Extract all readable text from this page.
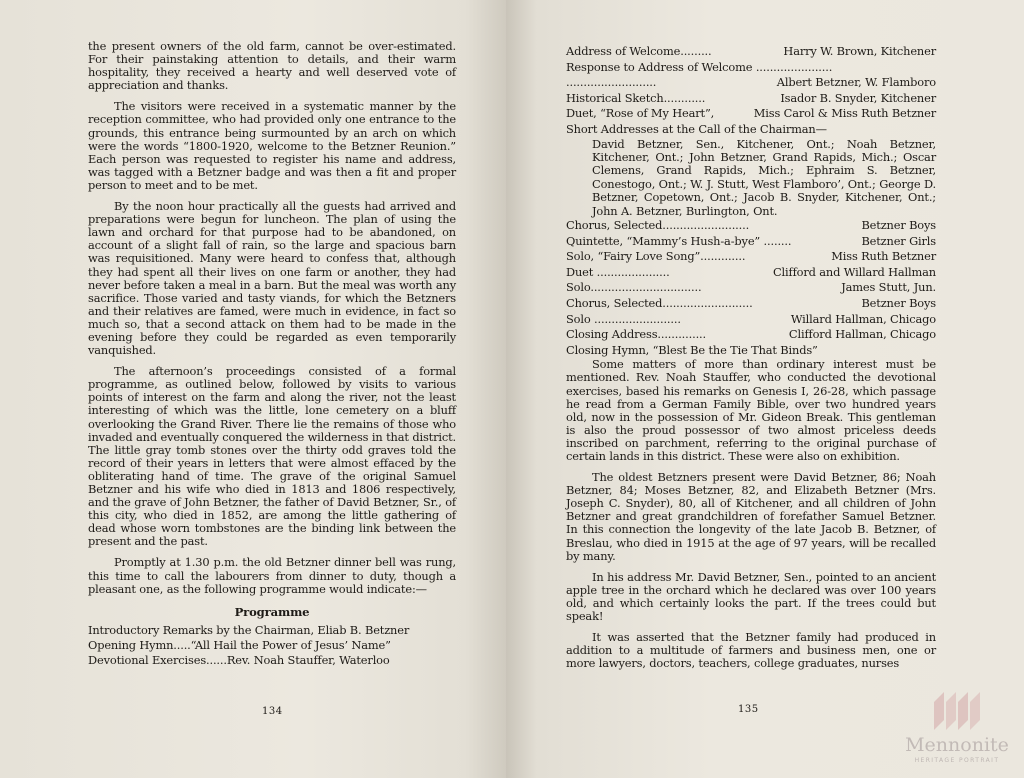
the present owners of the old farm, cannot be over-estimated. For their painstaking attention to details, and their warm hospitality, they received a hearty and well deserved vote of appreciation and thanks.

The visitors were received in a systematic manner by the reception committee, who had provided only one entrance to the grounds, this entrance being surmounted by an arch on which were the words “1800-1920, welcome to the Betzner Reunion.” Each person was requested to register his name and address, was tagged with a Betzner badge and was then a fit and proper person to meet and to be met.

By the noon hour practically all the guests had arrived and preparations were begun for luncheon. The plan of using the lawn and orchard for that purpose had to be abandoned, on account of a slight fall of rain, so the large and spacious barn was requisitioned. Many were heard to confess that, although they had spent all their lives on one farm or another, they had never before taken a meal in a barn. But the meal was worth any sacrifice. Those varied and tasty viands, for which the Betzners and their relatives are famed, were much in evidence, in fact so much so, that a second attack on them had to be made in the evening before they could be regarded as even temporarily vanquished.

The afternoon’s proceedings consisted of a formal programme, as outlined below, followed by visits to various points of interest on the farm and along the river, not the least interesting of which was the little, lone cemetery on a bluff overlooking the Grand River. There lie the remains of those who invaded and eventually conquered the wilderness in that district. The little gray tomb stones over the thirty odd graves told the record of their years in letters that were almost effaced by the obliterating hand of time. The grave of the original Samuel Betzner and his wife who died in 1813 and 1806 respectively, and the grave of John Betzner, the father of David Betzner, Sr., of this city, who died in 1852, are among the little gathering of dead whose worn tombstones are the binding link between the present and the past.

Promptly at 1.30 p.m. the old Betzner dinner bell was rung, this time to call the labourers from dinner to duty, though a pleasant one, as the following programme would indicate:—

Programme
Introductory Remarks by the Chairman, Eliab B. Betzner
Opening Hymn.....“All Hail the Power of Jesus’ Name”
Devotional Exercises......Rev. Noah Stauffer, Waterloo
134
Address of Welcome.........	Harry W. Brown, Kitchener
Response to Address of Welcome ......................
..........................	Albert Betzner, W. Flamboro
Historical Sketch............	Isador B. Snyder, Kitchener
Duet, “Rose of My Heart”,	Miss Carol & Miss Ruth Betzner
Short Addresses at the Call of the Chairman—
David Betzner, Sen., Kitchener, Ont.; Noah Betzner, Kitchener, Ont.; John Betzner, Grand Rapids, Mich.; Oscar Clemens, Grand Rapids, Mich.; Ephraim S. Betzner, Conestogo, Ont.; W. J. Stutt, West Flamboro’, Ont.; George D. Betzner, Copetown, Ont.; Jacob B. Snyder, Kitchener, Ont.; John A. Betzner, Burlington, Ont.
Chorus, Selected.........................	Betzner Boys
Quintette, “Mammy’s Hush-a-bye” ........	Betzner Girls
Solo, “Fairy Love Song”.............	Miss Ruth Betzner
Duet .....................	Clifford and Willard Hallman
Solo................................	James Stutt, Jun.
Chorus, Selected..........................	Betzner Boys
Solo .........................	Willard Hallman, Chicago
Closing Address..............	Clifford Hallman, Chicago
Closing Hymn, “Blest Be the Tie That Binds”

Some matters of more than ordinary interest must be mentioned. Rev. Noah Stauffer, who conducted the devotional exercises, based his remarks on Genesis I, 26-28, which passage he read from a German Family Bible, over two hundred years old, now in the possession of Mr. Gideon Break. This gentleman is also the proud possessor of two almost priceless deeds inscribed on parchment, referring to the original purchase of certain lands in this district. These were also on exhibition.

The oldest Betzners present were David Betzner, 86; Noah Betzner, 84; Moses Betzner, 82, and Elizabeth Betzner (Mrs. Joseph C. Snyder), 80, all of Kitchener, and all children of John Betzner and great grandchildren of forefather Samuel Betzner. In this connection the longevity of the late Jacob B. Betzner, of Breslau, who died in 1915 at the age of 97 years, will be recalled by many.

In his address Mr. David Betzner, Sen., pointed to an ancient apple tree in the orchard which he declared was over 100 years old, and which certainly looks the part. If the trees could but speak!

It was asserted that the Betzner family had produced in addition to a multitude of farmers and business men, one or more lawyers, doctors, teachers, college graduates, nurses

135
Mennonite
HERITAGE PORTRAIT
